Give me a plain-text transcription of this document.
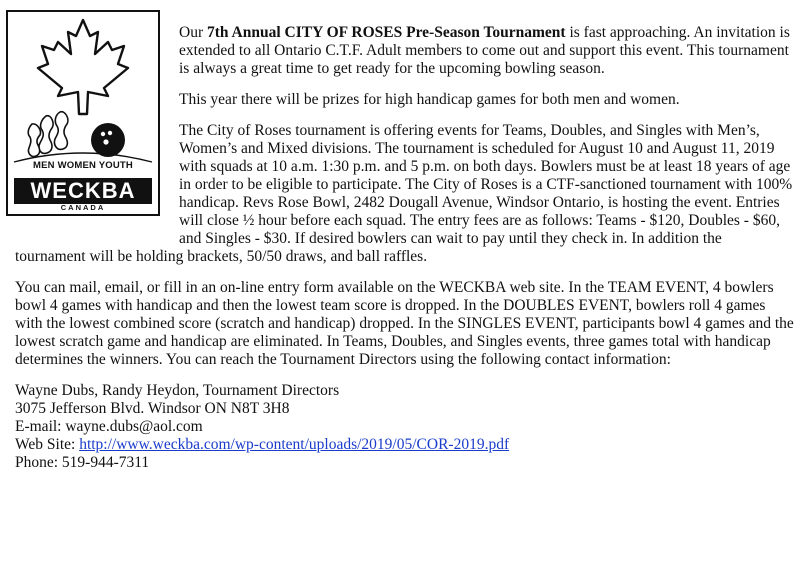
MEN WOMEN YOUTH
WECKBA
CANADA

Our 7th Annual CITY OF ROSES Pre-Season Tournament is fast approaching. An invitation is extended to all Ontario C.T.F. Adult members to come out and support this event. This tournament is always a great time to get ready for the upcoming bowling season.

This year there will be prizes for high handicap games for both men and women.

The City of Roses tournament is offering events for Teams, Doubles, and Singles with Men’s, Women’s and Mixed divisions. The tournament is scheduled for August 10 and August 11, 2019 with squads at 10 a.m. 1:30 p.m. and 5 p.m. on both days. Bowlers must be at least 18 years of age in order to be eligible to participate. The City of Roses is a CTF-sanctioned tournament with 100% handicap. Revs Rose Bowl, 2482 Dougall Avenue, Windsor Ontario, is hosting the event. Entries will close ½ hour before each squad. The entry fees are as follows: Teams - $120, Doubles - $60, and Singles - $30. If desired bowlers can wait to pay until they check in. In addition the tournament will be holding brackets, 50/50 draws, and ball raffles.

You can mail, email, or fill in an on-line entry form available on the WECKBA web site. In the TEAM EVENT, 4 bowlers bowl 4 games with handicap and then the lowest team score is dropped. In the DOUBLES EVENT, bowlers roll 4 games with the lowest combined score (scratch and handicap) dropped. In the SINGLES EVENT, participants bowl 4 games and the lowest scratch game and handicap are eliminated. In Teams, Doubles, and Singles events, three games total with handicap determines the winners. You can reach the Tournament Directors using the following contact information:

Wayne Dubs, Randy Heydon, Tournament Directors

3075 Jefferson Blvd. Windsor ON N8T 3H8

E-mail: wayne.dubs@aol.com

Web Site: http://www.weckba.com/wp-content/uploads/2019/05/COR-2019.pdf

Phone: 519-944-7311
